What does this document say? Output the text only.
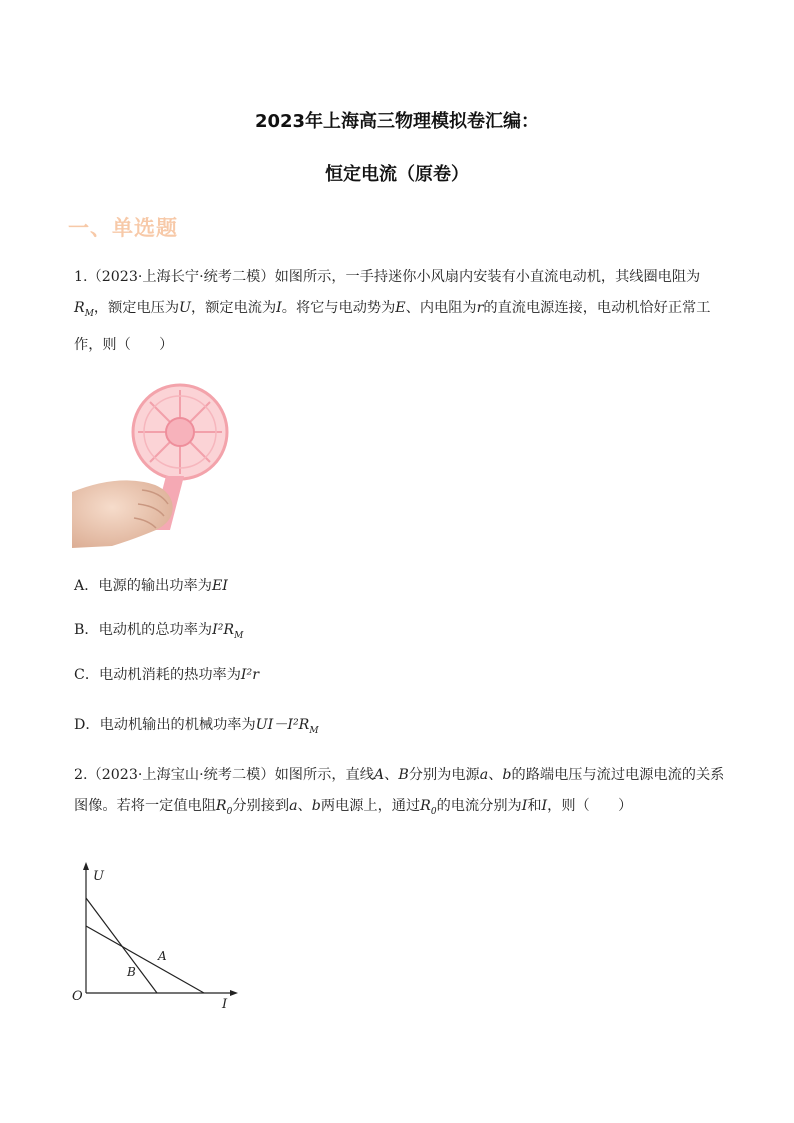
2023年上海高三物理模拟卷汇编：
恒定电流（原卷）
一、单选题

1.（2023·上海长宁·统考二模）如图所示，一手持迷你小风扇内安装有小直流电动机，其线圈电阻为$R_M$，额定电压为U，额定电流为I。将它与电动势为E、内电阻为r的直流电源连接，电动机恰好正常工作，则（　　）

A．电源的输出功率为EI

B．电动机的总功率为$I^2R_M$

C．电动机消耗的热功率为I²r

D．电动机输出的机械功率为$UI-I^2R_M$

2.（2023·上海宝山·统考二模）如图所示，直线A、B分别为电源a、b的路端电压与流过电源电流的关系图像。若将一定值电阻$R_0$分别接到a、b两电源上，通过$R_0$的电流分别为I和I，则（　　）

U
I
O
A
B
